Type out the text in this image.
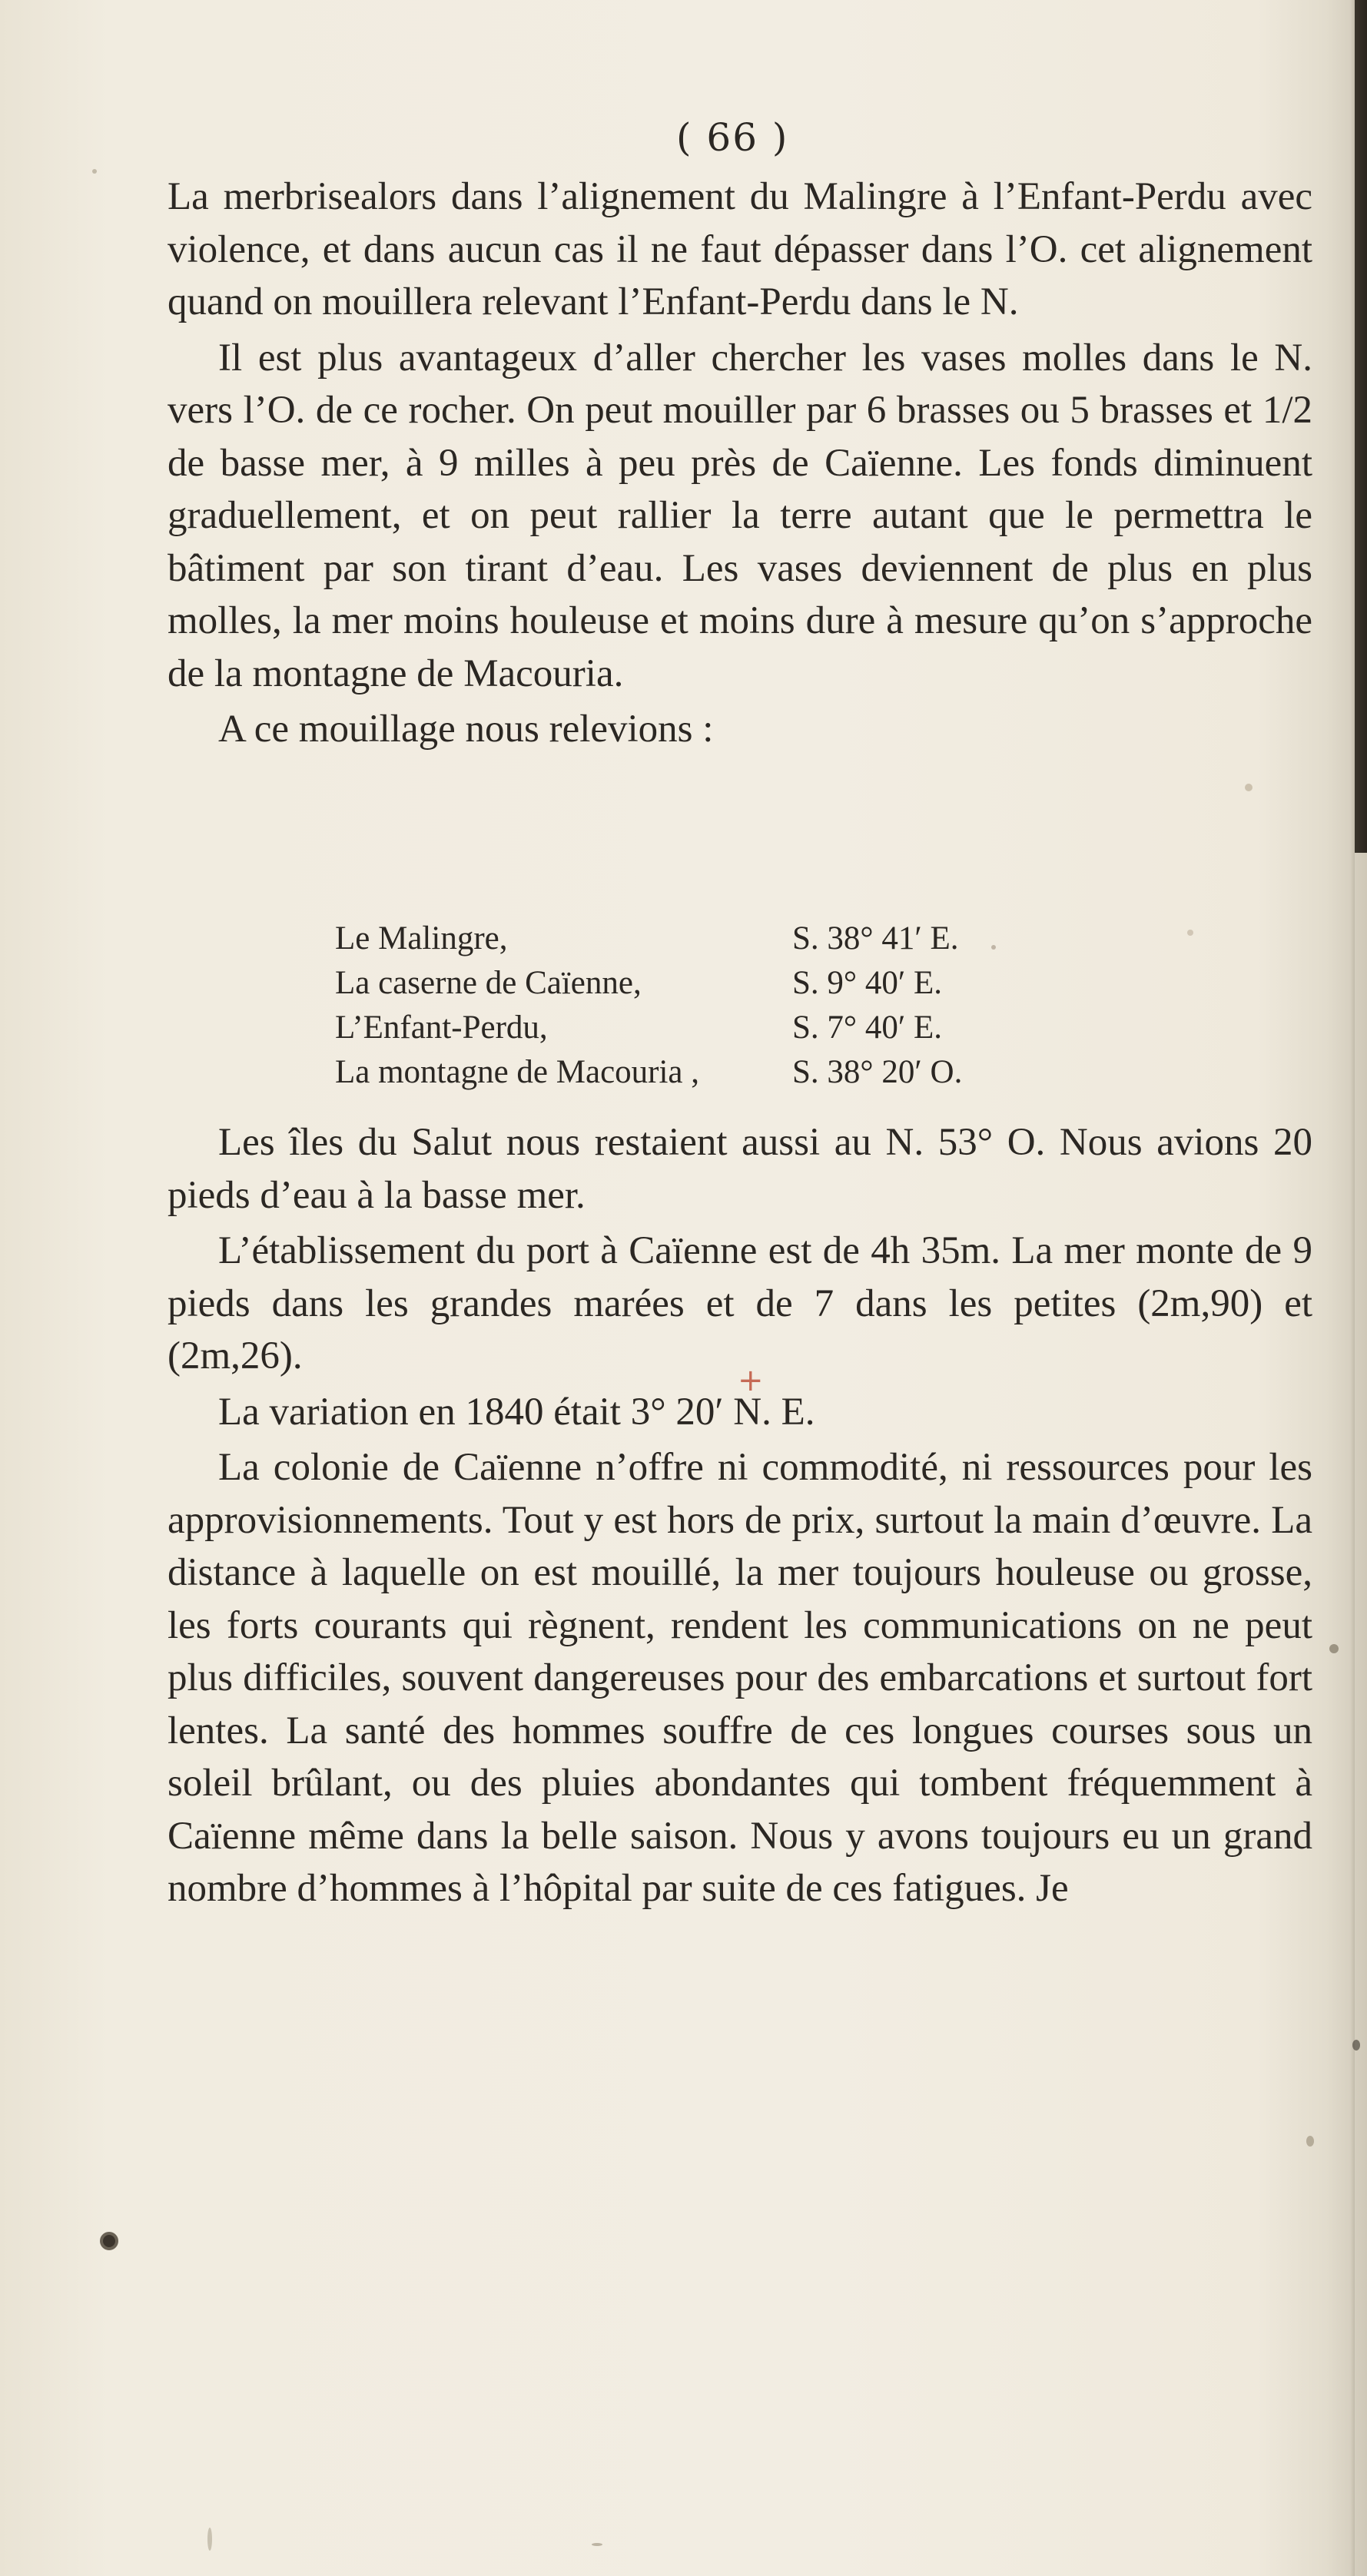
( 66 )

La merbrisealors dans l’alignement du Malingre à l’Enfant-Perdu avec violence, et dans aucun cas il ne faut dépasser dans l’O. cet alignement quand on mouillera relevant l’Enfant-Perdu dans le N.

Il est plus avantageux d’aller chercher les vases molles dans le N. vers l’O. de ce rocher. On peut mouiller par 6 brasses ou 5 brasses et 1/2 de basse mer, à 9 milles à peu près de Caïenne. Les fonds diminuent graduellement, et on peut rallier la terre autant que le permettra le bâtiment par son tirant d’eau. Les vases deviennent de plus en plus molles, la mer moins houleuse et moins dure à mesure qu’on s’approche de la montagne de Macouria.

A ce mouillage nous relevions :

Le Malingre,	S. 38° 41′ E.
La caserne de Caïenne,	S. 9° 40′ E.
L’Enfant-Perdu,	S. 7° 40′ E.
La montagne de Macouria ,	S. 38° 20′ O.

Les îles du Salut nous restaient aussi au N. 53° O. Nous avions 20 pieds d’eau à la basse mer.

L’établissement du port à Caïenne est de 4h 35m. La mer monte de 9 pieds dans les grandes marées et de 7 dans les petites (2m,90) et (2m,26).

La variation en 1840 était 3° 20′ N. E.

La colonie de Caïenne n’offre ni commodité, ni ressources pour les approvisionnements. Tout y est hors de prix, surtout la main d’œuvre. La distance à laquelle on est mouillé, la mer toujours houleuse ou grosse, les forts courants qui règnent, rendent les communications on ne peut plus difficiles, souvent dangereuses pour des embarcations et surtout fort lentes. La santé des hommes souffre de ces longues courses sous un soleil brûlant, ou des pluies abondantes qui tombent fréquemment à Caïenne même dans la belle saison. Nous y avons toujours eu un grand nombre d’hommes à l’hôpital par suite de ces fatigues. Je

+
